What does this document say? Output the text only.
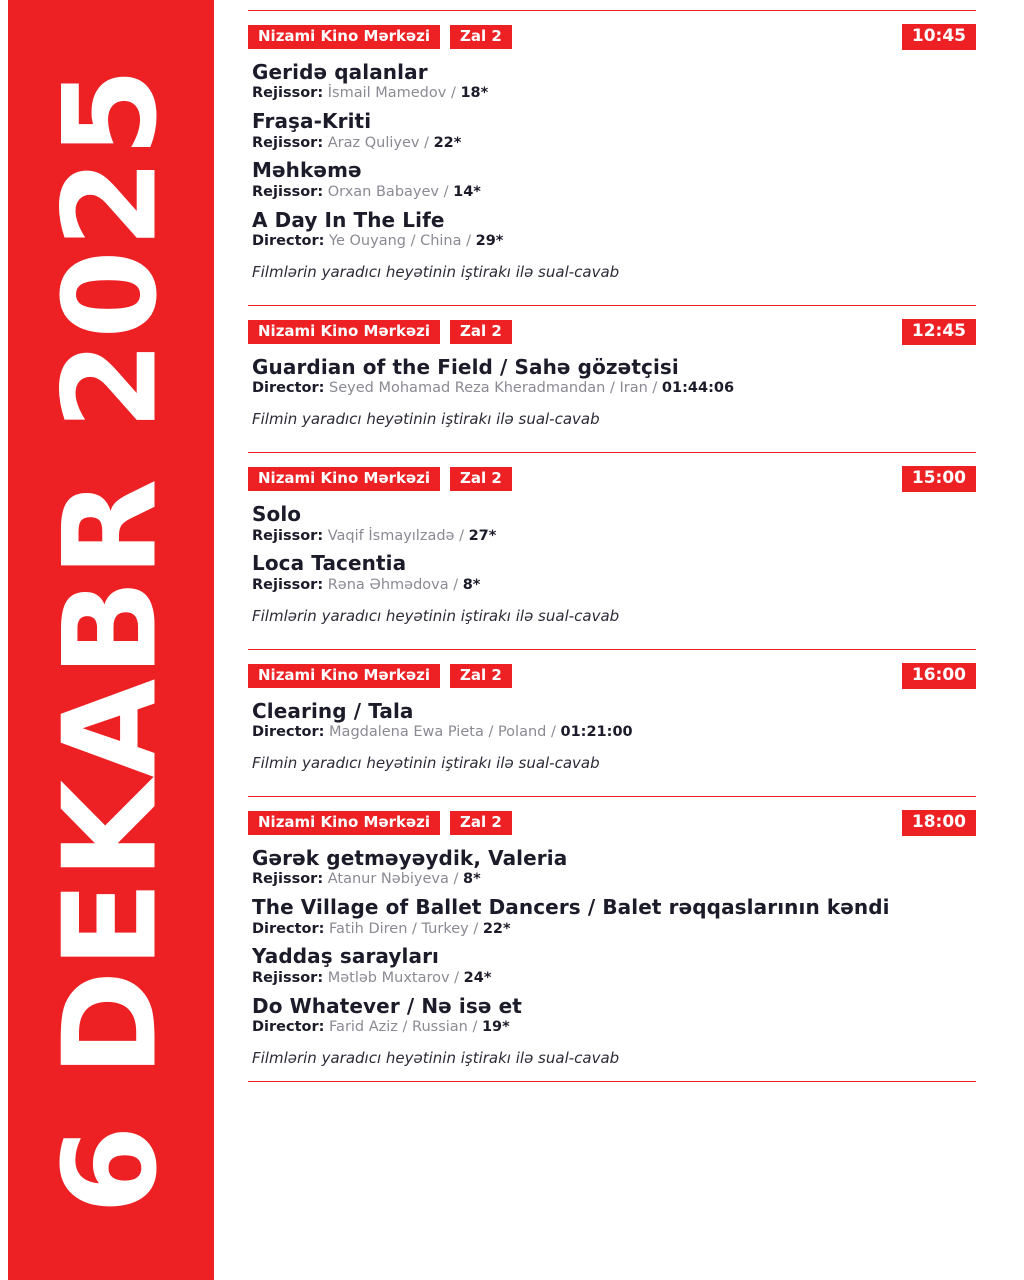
6 DEKABR 2025
Nizami Kino Mərkəzi	Zal 2	10:45
Geridə qalanlar
Rejissor: İsmail Mamedov / 18*
Fraşa-Kriti
Rejissor: Araz Quliyev / 22*
Məhkəmə
Rejissor: Orxan Babayev / 14*
A Day In The Life
Director: Ye Ouyang / China / 29*
Filmlərin yaradıcı heyətinin iştirakı ilə sual-cavab
Nizami Kino Mərkəzi	Zal 2	12:45
Guardian of the Field / Sahə gözətçisi
Director: Seyed Mohamad Reza Kheradmandan / Iran / 01:44:06
Filmin yaradıcı heyətinin iştirakı ilə sual-cavab
Nizami Kino Mərkəzi	Zal 2	15:00
Solo
Rejissor: Vaqif İsmayılzadə / 27*
Loca Tacentia
Rejissor: Rəna Əhmədova / 8*
Filmlərin yaradıcı heyətinin iştirakı ilə sual-cavab
Nizami Kino Mərkəzi	Zal 2	16:00
Clearing / Tala
Director: Magdalena Ewa Pieta / Poland / 01:21:00
Filmin yaradıcı heyətinin iştirakı ilə sual-cavab
Nizami Kino Mərkəzi	Zal 2	18:00
Gərək getməyəydik, Valeria
Rejissor: Atanur Nəbiyeva / 8*
The Village of Ballet Dancers / Balet rəqqaslarının kəndi
Director: Fatih Diren / Turkey / 22*
Yaddaş sarayları
Rejissor: Mətləb Muxtarov / 24*
Do Whatever / Nə isə et
Director: Farid Aziz / Russian / 19*
Filmlərin yaradıcı heyətinin iştirakı ilə sual-cavab
